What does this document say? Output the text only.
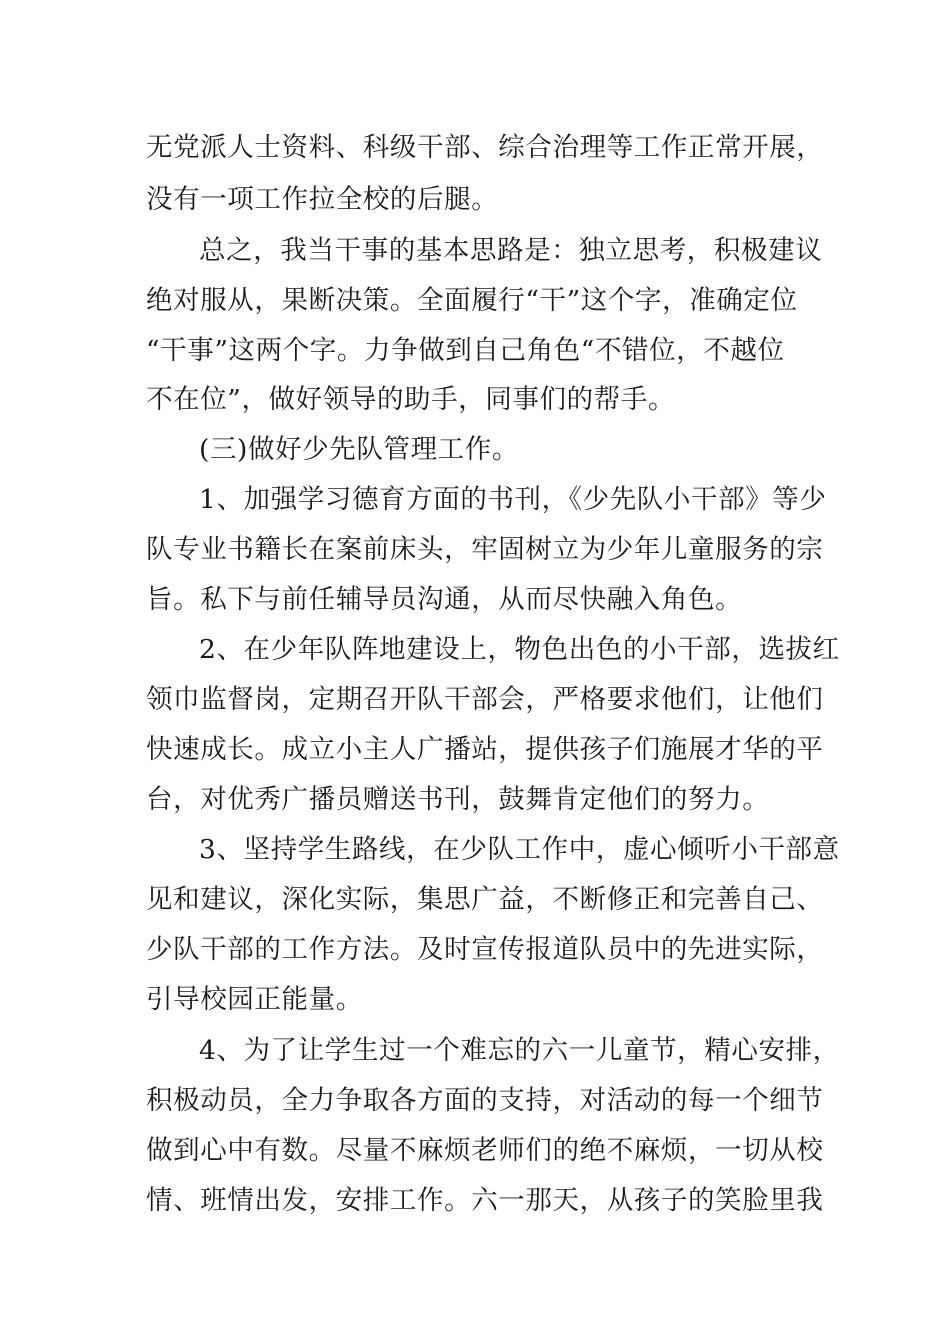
无党派人士资料、科级干部、综合治理等工作正常开展，
没有一项工作拉全校的后腿。
总之，我当干事的基本思路是：独立思考，积极建议
绝对服从，果断决策。全面履行“干”这个字，准确定位
“干事”这两个字。力争做到自己角色“不错位，不越位
不在位”，做好领导的助手，同事们的帮手。
(三)做好少先队管理工作。
1、加强学习德育方面的书刊，《少先队小干部》等少
队专业书籍长在案前床头，牢固树立为少年儿童服务的宗
旨。私下与前任辅导员沟通，从而尽快融入角色。
2、在少年队阵地建设上，物色出色的小干部，选拔红
领巾监督岗，定期召开队干部会，严格要求他们，让他们
快速成长。成立小主人广播站，提供孩子们施展才华的平
台，对优秀广播员赠送书刊，鼓舞肯定他们的努力。
3、坚持学生路线，在少队工作中，虚心倾听小干部意
见和建议，深化实际，集思广益，不断修正和完善自己、
少队干部的工作方法。及时宣传报道队员中的先进实际，
引导校园正能量。
4、为了让学生过一个难忘的六一儿童节，精心安排，
积极动员，全力争取各方面的支持，对活动的每一个细节
做到心中有数。尽量不麻烦老师们的绝不麻烦，一切从校
情、班情出发，安排工作。六一那天，从孩子的笑脸里我
